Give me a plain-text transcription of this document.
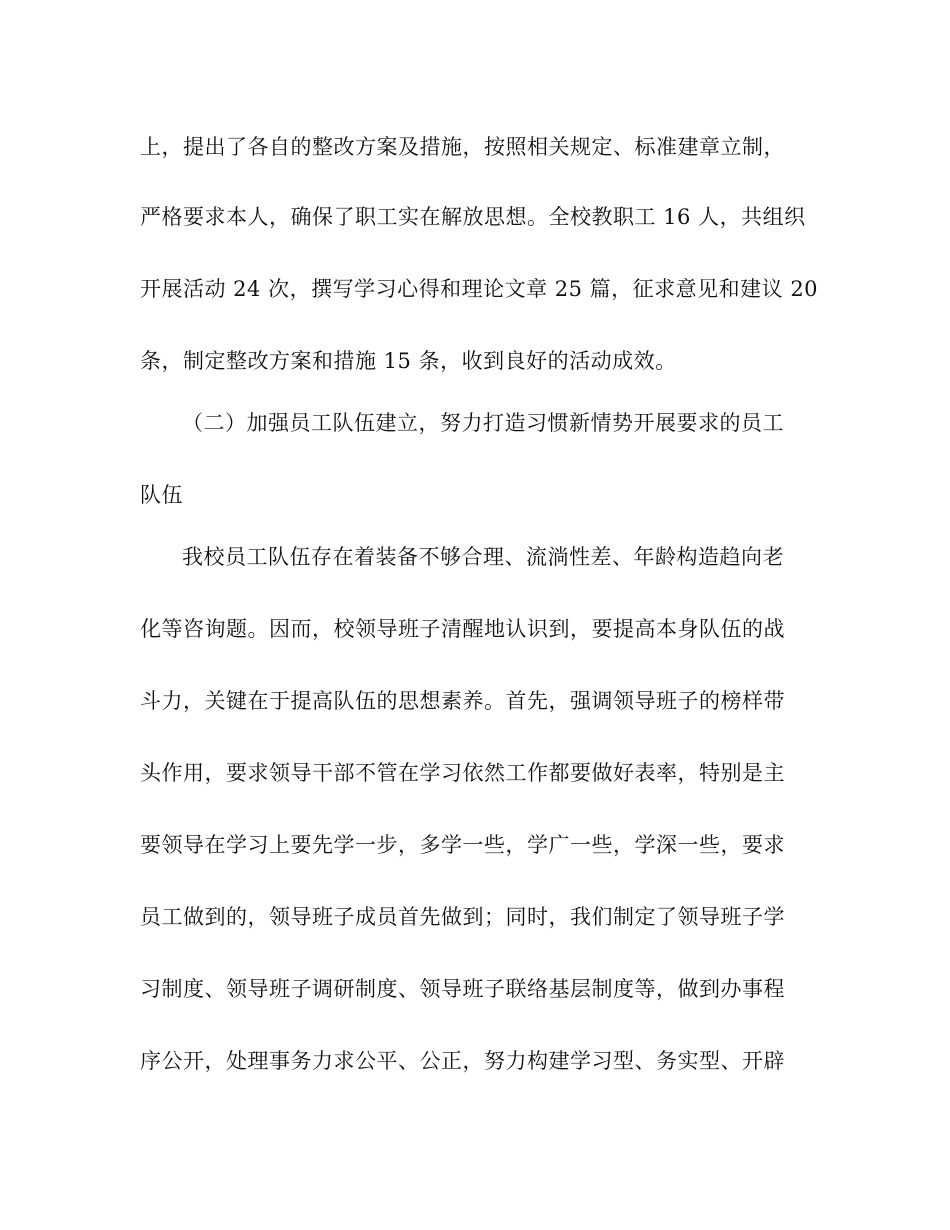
上，提出了各自的整改方案及措施，按照相关规定、标准建章立制，
严格要求本人，确保了职工实在解放思想。全校教职工 16 人，共组织
开展活动 24 次，撰写学习心得和理论文章 25 篇，征求意见和建议 20
条，制定整改方案和措施 15 条，收到良好的活动成效。
（二）加强员工队伍建立，努力打造习惯新情势开展要求的员工
队伍
我校员工队伍存在着装备不够合理、流淌性差、年龄构造趋向老
化等咨询题。因而，校领导班子清醒地认识到，要提高本身队伍的战
斗力，关键在于提高队伍的思想素养。首先，强调领导班子的榜样带
头作用，要求领导干部不管在学习依然工作都要做好表率，特别是主
要领导在学习上要先学一步，多学一些，学广一些，学深一些，要求
员工做到的，领导班子成员首先做到；同时，我们制定了领导班子学
习制度、领导班子调研制度、领导班子联络基层制度等，做到办事程
序公开，处理事务力求公平、公正，努力构建学习型、务实型、开辟
